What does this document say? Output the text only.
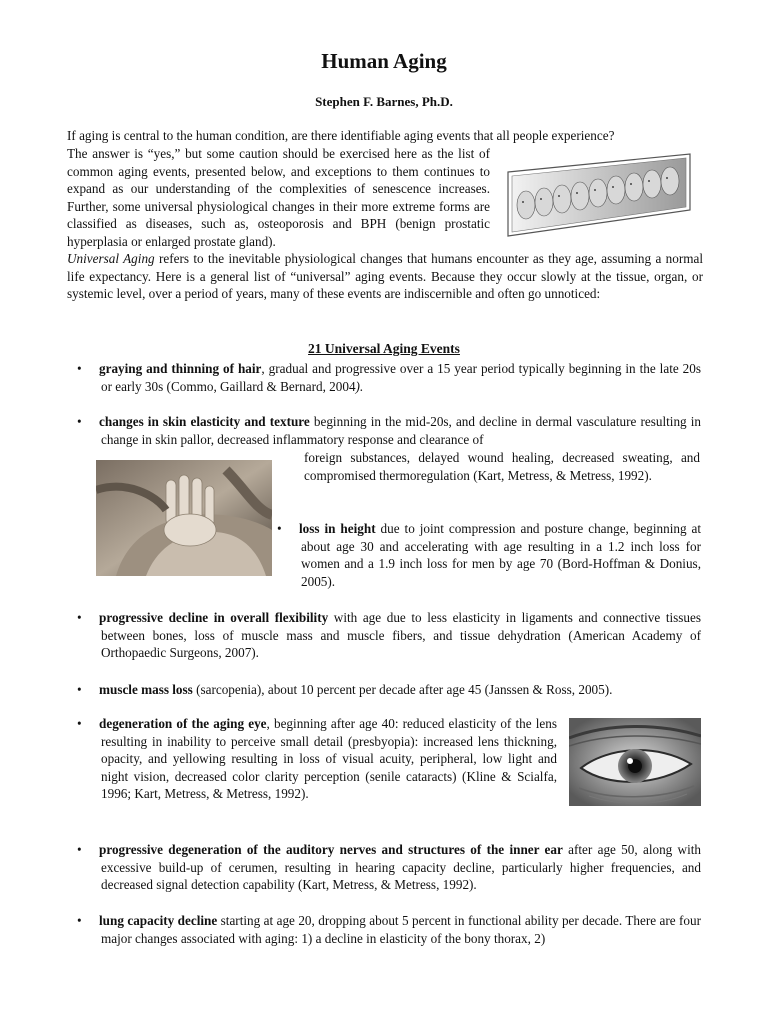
Human Aging
Stephen F. Barnes, Ph.D.
If aging is central to the human condition, are there identifiable aging events that all people experience?
The answer is “yes,” but some caution should be exercised here as the list of common aging events, presented below, and exceptions to them continues to expand as our understanding of the complexities of senescence increases. Further, some universal physiological changes in their more extreme forms are classified as diseases, such as, osteoporosis and BPH (benign prostatic hyperplasia or enlarged prostate gland).
Universal Aging refers to the inevitable physiological changes that humans encounter as they age, assuming a normal life expectancy. Here is a general list of “universal” aging events. Because they occur slowly at the tissue, organ, or systemic level, over a period of years, many of these events are indiscernible and often go unnoticed:
21 Universal Aging Events
• graying and thinning of hair, gradual and progressive over a 15 year period typically beginning in the late 20s or early 30s (Commo, Gaillard & Bernard, 2004).
• changes in skin elasticity and texture beginning in the mid-20s, and decline in dermal vasculature resulting in change in skin pallor, decreased inflammatory response and clearance of
foreign substances, delayed wound healing, decreased sweating, and compromised thermoregulation (Kart, Metress, & Metress, 1992).
• loss in height due to joint compression and posture change, beginning at about age 30 and accelerating with age resulting in a 1.2 inch loss for women and a 1.9 inch loss for men by age 70 (Bord-Hoffman & Donius, 2005).
• progressive decline in overall flexibility with age due to less elasticity in ligaments and connective tissues between bones, loss of muscle mass and muscle fibers, and tissue dehydration (American Academy of Orthopaedic Surgeons, 2007).
• muscle mass loss (sarcopenia), about 10 percent per decade after age 45 (Janssen & Ross, 2005).
• degeneration of the aging eye, beginning after age 40: reduced elasticity of the lens resulting in inability to perceive small detail (presbyopia): increased lens thickning, opacity, and yellowing resulting in loss of visual acuity, peripheral, low light and night vision, decreased color clarity perception (senile cataracts) (Kline & Scialfa, 1996; Kart, Metress, & Metress, 1992).
• progressive degeneration of the auditory nerves and structures of the inner ear after age 50, along with excessive build-up of cerumen, resulting in hearing capacity decline, particularly higher frequencies, and decreased signal detection capability (Kart, Metress, & Metress, 1992).
• lung capacity decline starting at age 20, dropping about 5 percent in functional ability per decade. There are four major changes associated with aging: 1) a decline in elasticity of the bony thorax, 2)
